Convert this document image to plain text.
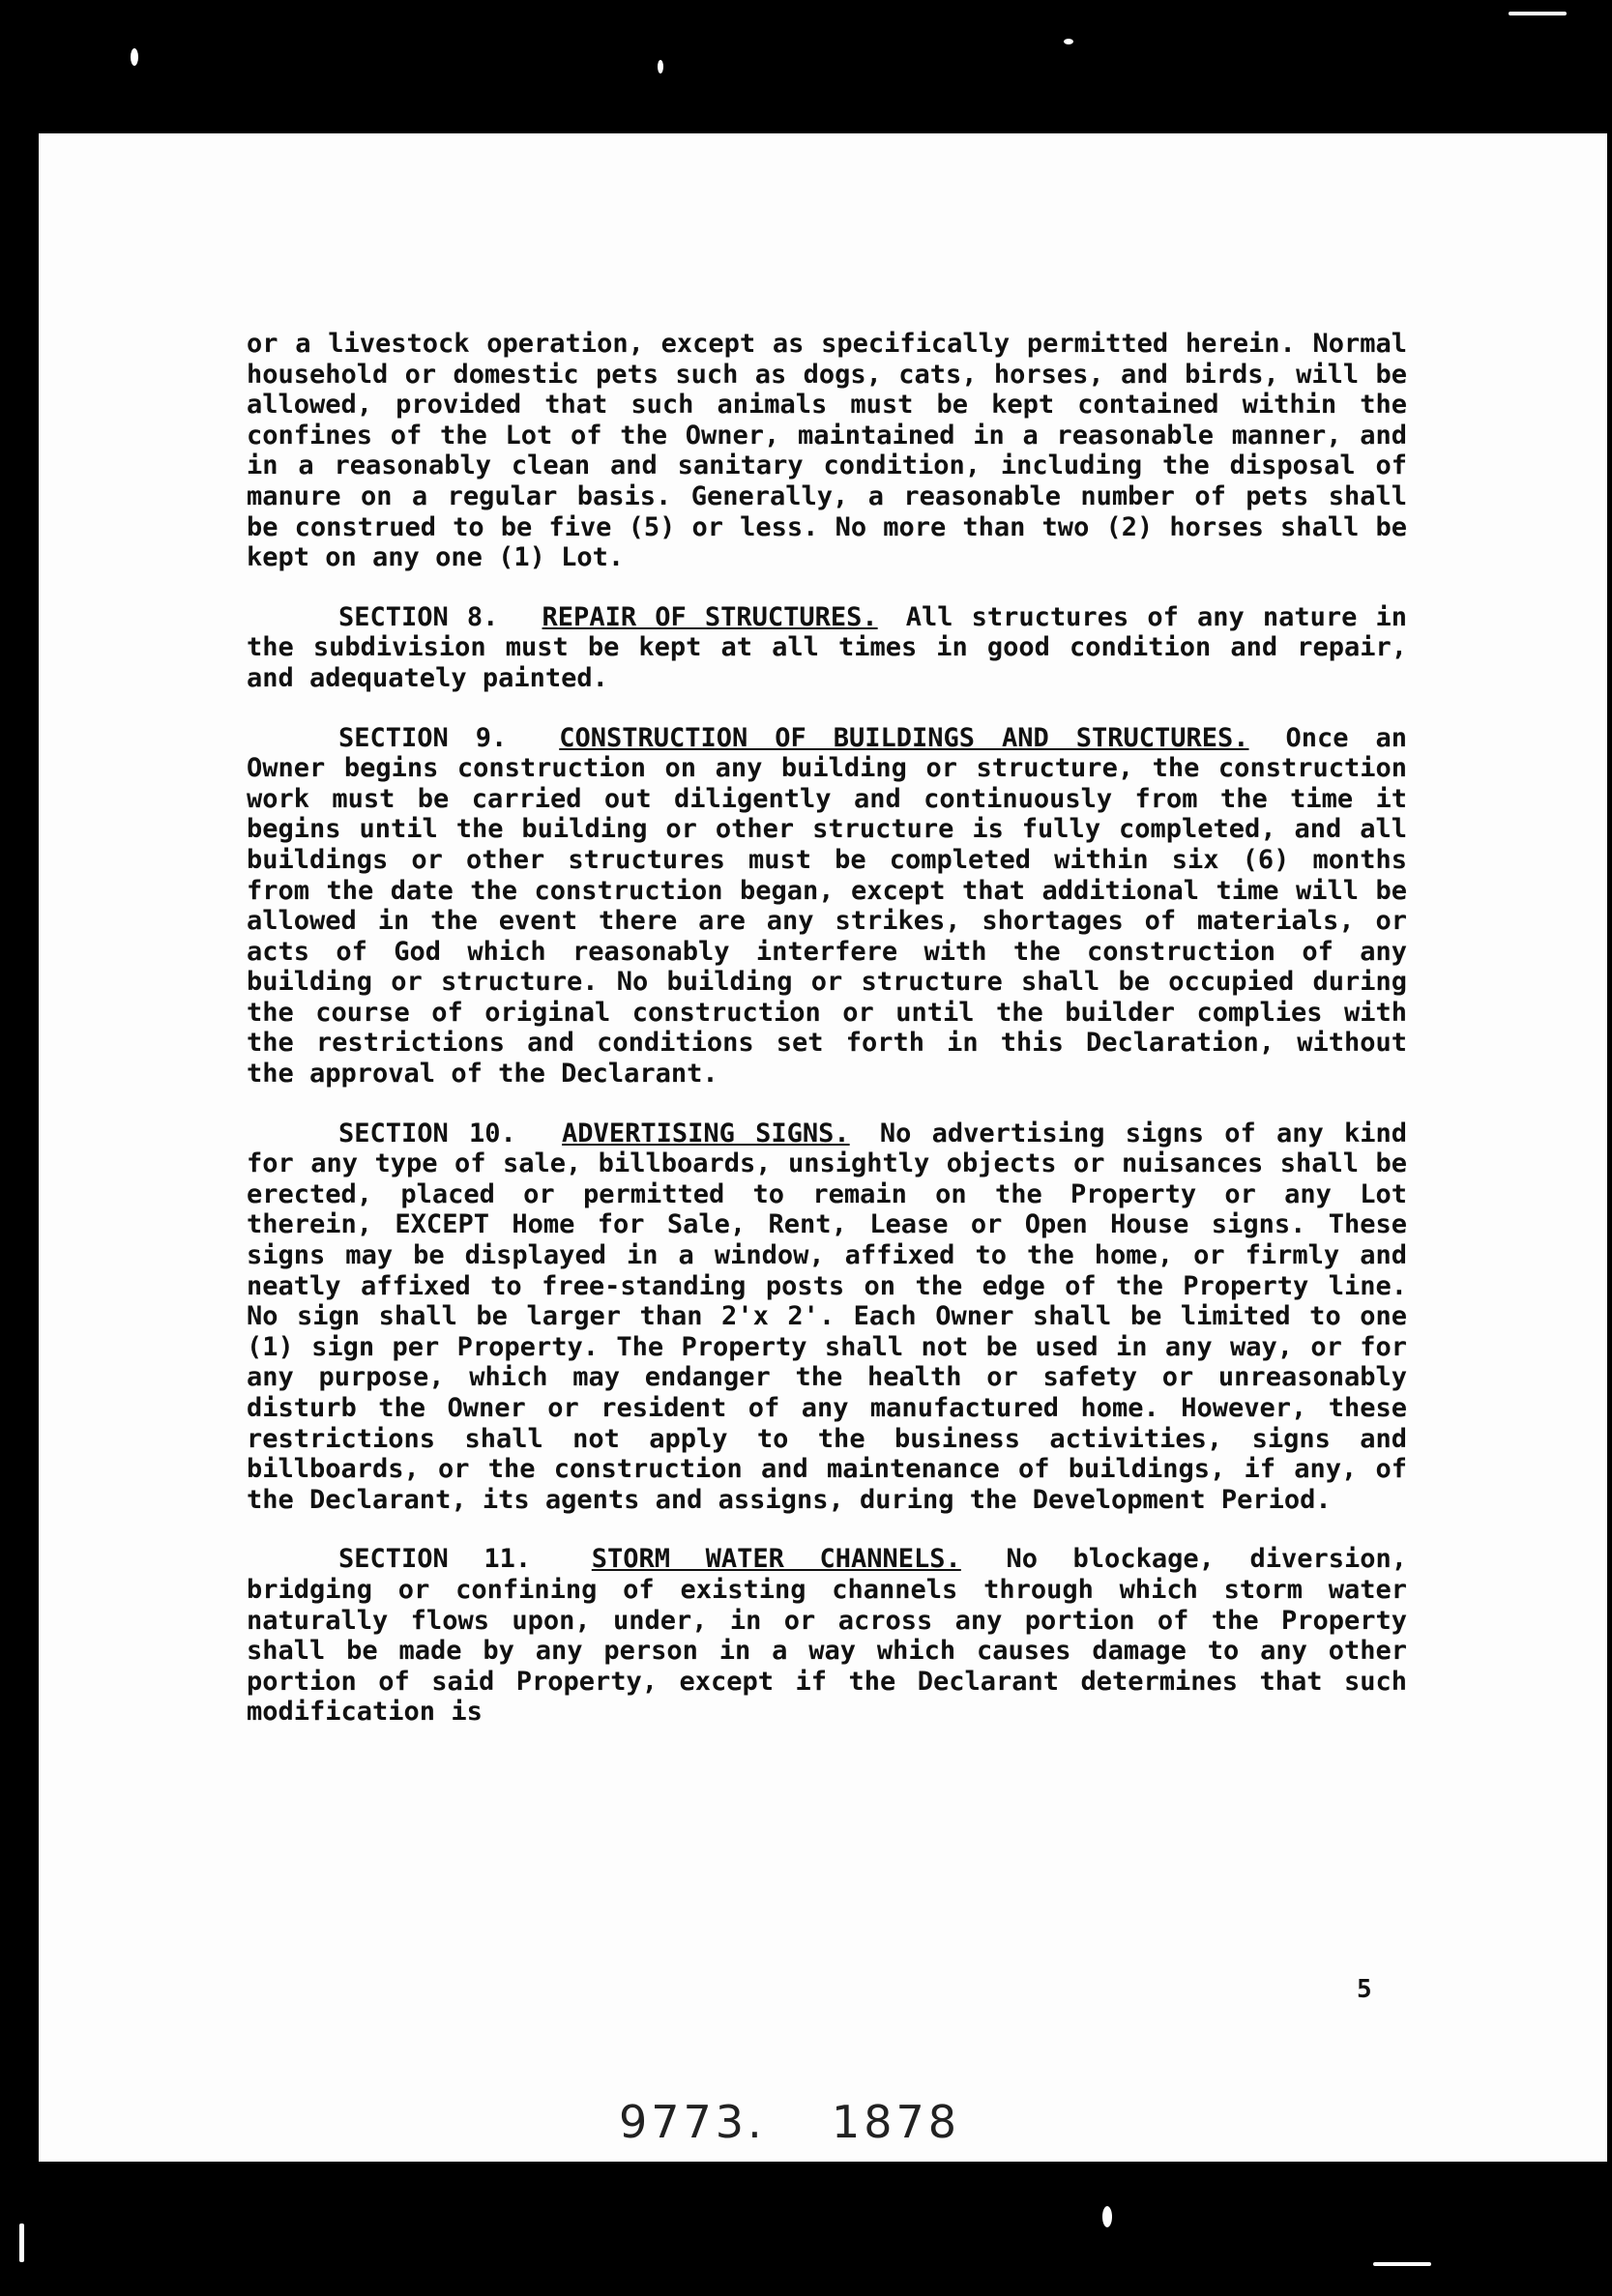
or a livestock operation, except as specifically permitted herein. Normal household or domestic pets such as dogs, cats, horses, and birds, will be allowed, provided that such animals must be kept contained within the confines of the Lot of the Owner, maintained in a reasonable manner, and in a reasonably clean and sanitary condition, including the disposal of manure on a regular basis. Generally, a reasonable number of pets shall be construed to be five (5) or less. No more than two (2) horses shall be kept on any one (1) Lot.

SECTION 8. REPAIR OF STRUCTURES. All structures of any nature in the subdivision must be kept at all times in good condition and repair, and adequately painted.

SECTION 9. CONSTRUCTION OF BUILDINGS AND STRUCTURES. Once an Owner begins construction on any building or structure, the construction work must be carried out diligently and continuously from the time it begins until the building or other structure is fully completed, and all buildings or other structures must be completed within six (6) months from the date the construction began, except that additional time will be allowed in the event there are any strikes, shortages of materials, or acts of God which reasonably interfere with the construction of any building or structure. No building or structure shall be occupied during the course of original construction or until the builder complies with the restrictions and conditions set forth in this Declaration, without the approval of the Declarant.

SECTION 10. ADVERTISING SIGNS. No advertising signs of any kind for any type of sale, billboards, unsightly objects or nuisances shall be erected, placed or permitted to remain on the Property or any Lot therein, EXCEPT Home for Sale, Rent, Lease or Open House signs. These signs may be displayed in a window, affixed to the home, or firmly and neatly affixed to free-standing posts on the edge of the Property line. No sign shall be larger than 2'x 2'. Each Owner shall be limited to one (1) sign per Property. The Property shall not be used in any way, or for any purpose, which may endanger the health or safety or unreasonably disturb the Owner or resident of any manufactured home. However, these restrictions shall not apply to the business activities, signs and billboards, or the construction and maintenance of buildings, if any, of the Declarant, its agents and assigns, during the Development Period.

SECTION 11. STORM WATER CHANNELS. No blockage, diversion, bridging or confining of existing channels through which storm water naturally flows upon, under, in or across any portion of the Property shall be made by any person in a way which causes damage to any other portion of said Property, except if the Declarant determines that such modification is

5
9773. 1878
